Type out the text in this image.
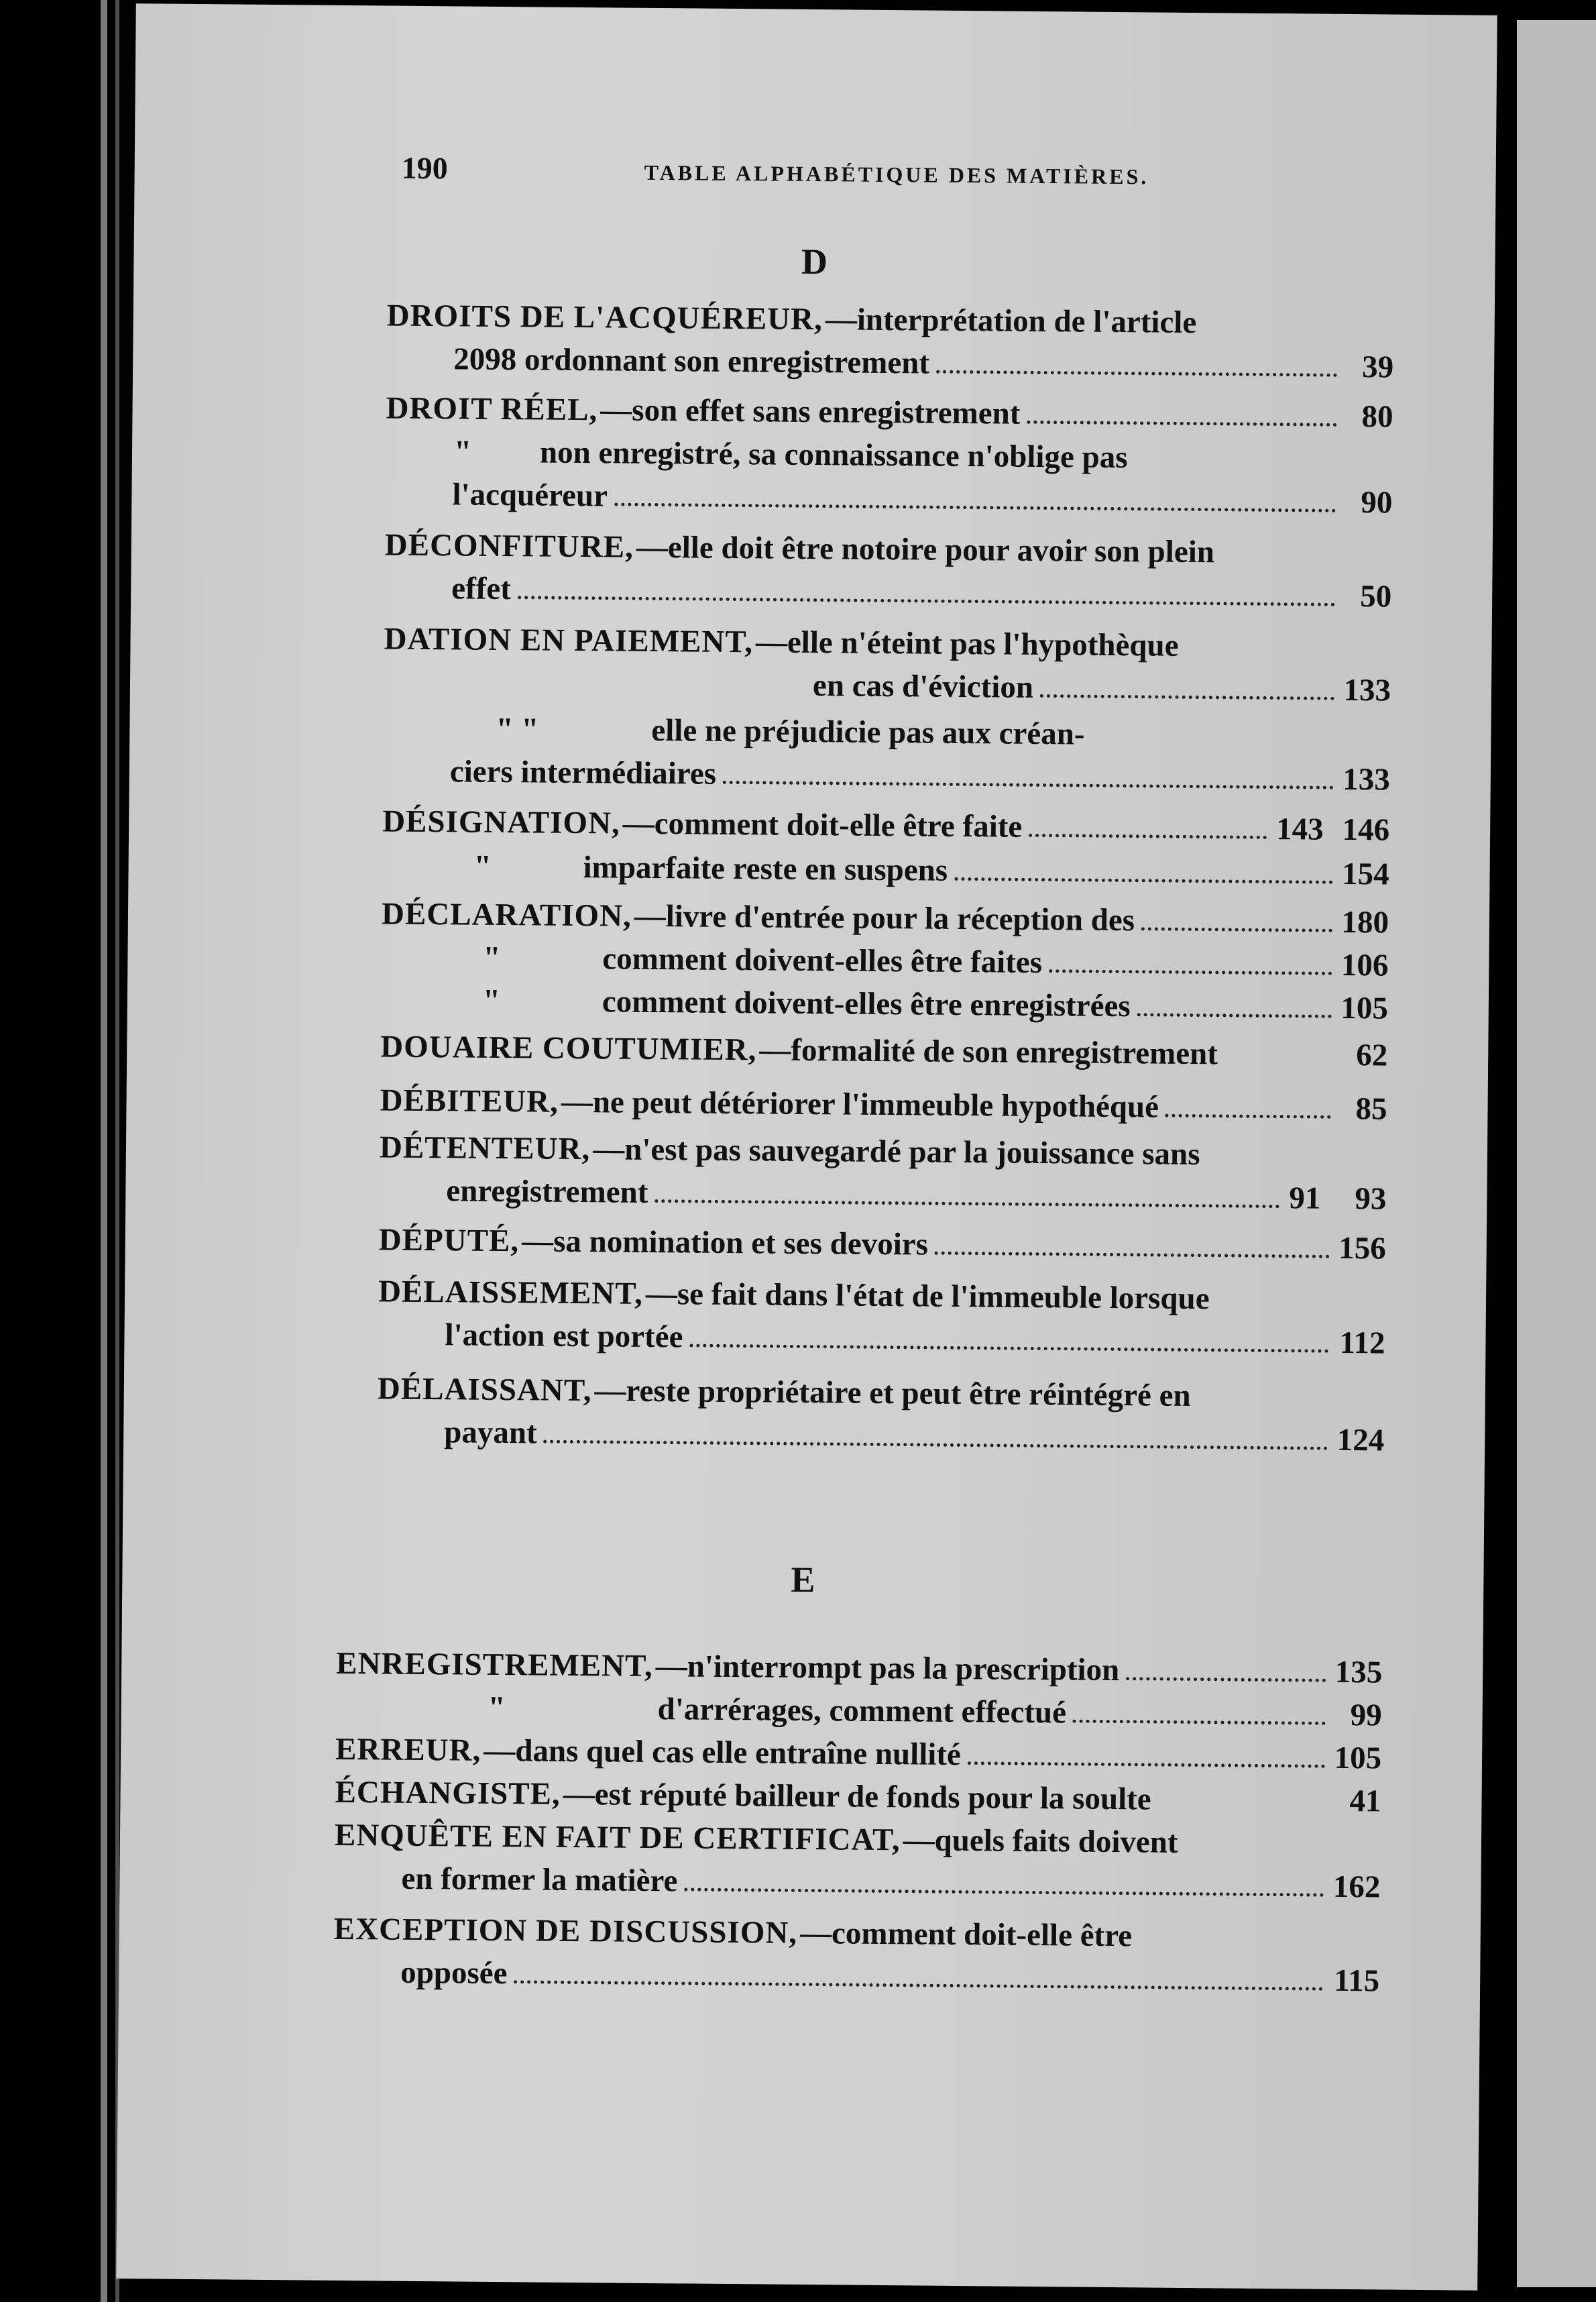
190	TABLE ALPHABÉTIQUE DES MATIÈRES.
D
DROITS DE L'ACQUÉREUR, —interprétation de l'article
2098 ordonnant son enregistrement	39
DROIT RÉEL, —son effet sans enregistrement	80
"	non enregistré, sa connaissance n'oblige pas
l'acquéreur	90
DÉCONFITURE, —elle doit être notoire pour avoir son plein
effet	50
DATION EN PAIEMENT, —elle n'éteint pas l'hypothèque
en cas d'éviction	133
" "	elle ne préjudicie pas aux créan-
ciers intermédiaires	133
DÉSIGNATION, —comment doit-elle être faite	143 146
"	imparfaite reste en suspens	154
DÉCLARATION, —livre d'entrée pour la réception des	180
"	comment doivent-elles être faites	106
"	comment doivent-elles être enregistrées	105
DOUAIRE COUTUMIER, —formalité de son enregistrement	62
DÉBITEUR, —ne peut détériorer l'immeuble hypothéqué	85
DÉTENTEUR, —n'est pas sauvegardé par la jouissance sans
enregistrement	91	93
DÉPUTÉ, —sa nomination et ses devoirs	156
DÉLAISSEMENT, —se fait dans l'état de l'immeuble lorsque
l'action est portée	112
DÉLAISSANT, —reste propriétaire et peut être réintégré en
payant	124
E
ENREGISTREMENT, —n'interrompt pas la prescription	135
"	d'arrérages, comment effectué	99
ERREUR, —dans quel cas elle entraîne nullité	105
ÉCHANGISTE, —est réputé bailleur de fonds pour la soulte	41
ENQUÊTE EN FAIT DE CERTIFICAT, —quels faits doivent
en former la matière	162
EXCEPTION DE DISCUSSION, —comment doit-elle être
opposée	115
